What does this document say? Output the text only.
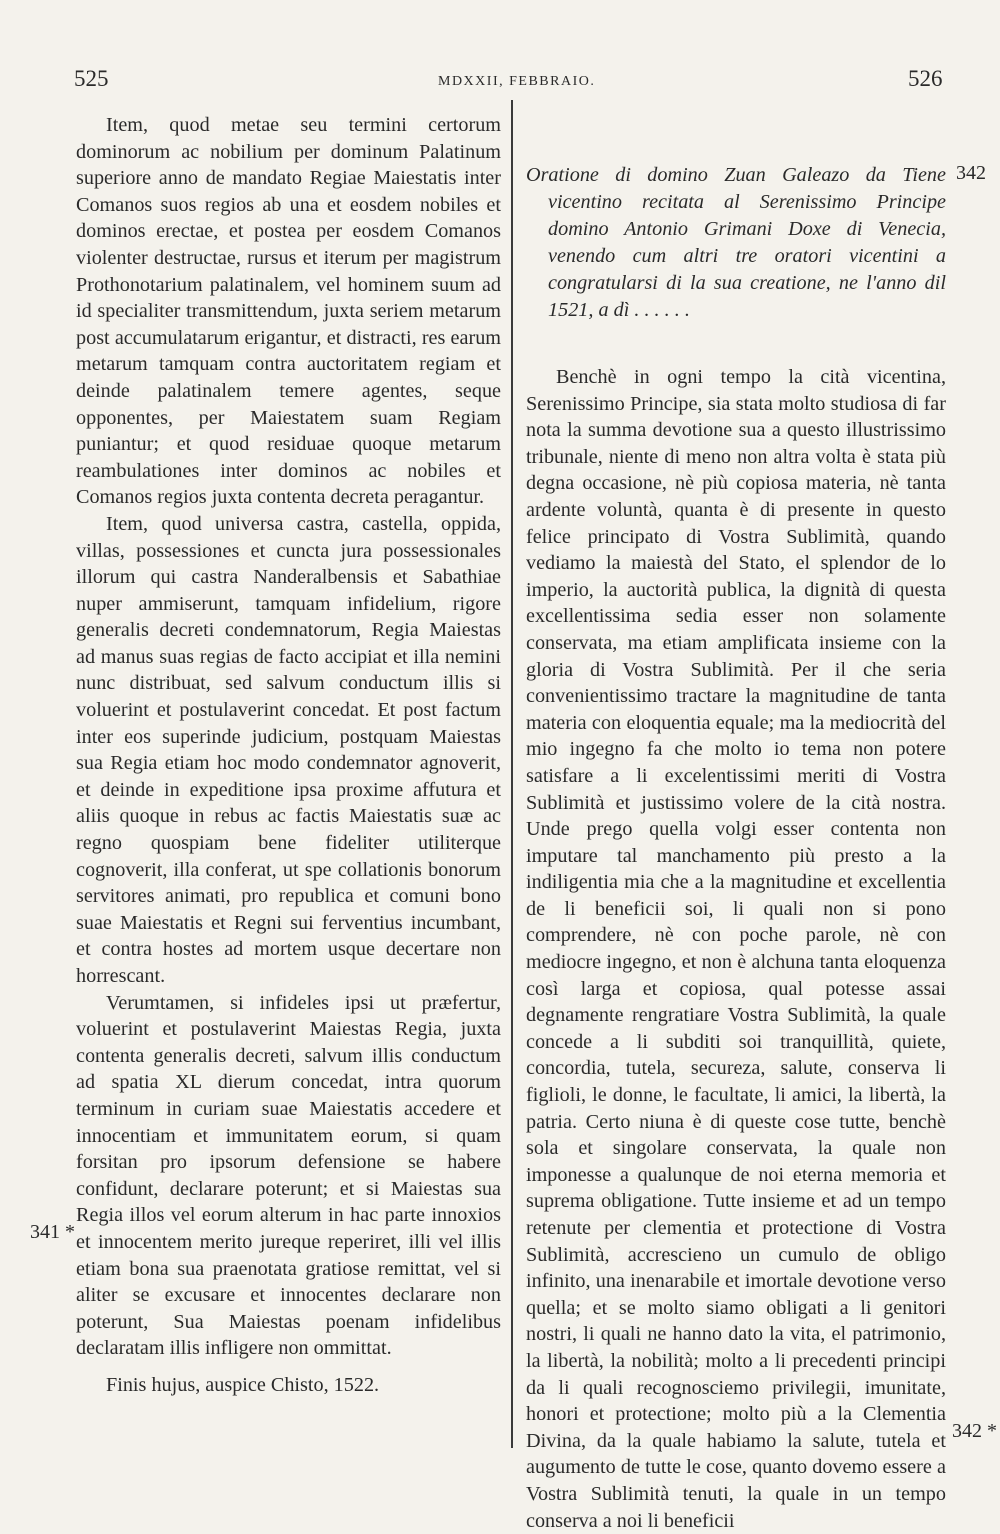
525	MDXXII, FEBBRAIO.	526

Item, quod metae seu termini certorum dominorum ac nobilium per dominum Palatinum superiore anno de mandato Regiae Maiestatis inter Comanos suos regios ab una et eosdem nobiles et dominos erectae, et postea per eosdem Comanos violenter destructae, rursus et iterum per magistrum Prothonotarium palatinalem, vel hominem suum ad id specialiter transmittendum, juxta seriem metarum post accumulatarum erigantur, et distracti, res earum metarum tamquam contra auctoritatem regiam et deinde palatinalem temere agentes, seque opponentes, per Maiestatem suam Regiam puniantur; et quod residuae quoque metarum reambulationes inter dominos ac nobiles et Comanos regios juxta contenta decreta peragantur.

Item, quod universa castra, castella, oppida, villas, possessiones et cuncta jura possessionales illorum qui castra Nanderalbensis et Sabathiae nuper ammiserunt, tamquam infidelium, rigore generalis decreti condemnatorum, Regia Maiestas ad manus suas regias de facto accipiat et illa nemini nunc distribuat, sed salvum conductum illis si voluerint et postulaverint concedat. Et post factum inter eos superinde judicium, postquam Maiestas sua Regia etiam hoc modo condemnator agnoverit, et deinde in expeditione ipsa proxime affutura et aliis quoque in rebus ac factis Maiestatis suæ ac regno quospiam bene fideliter utiliterque cognoverit, illa conferat, ut spe collationis bonorum servitores animati, pro republica et comuni bono suae Maiestatis et Regni sui ferventius incumbant, et contra hostes ad mortem usque decertare non horrescant.

Verumtamen, si infideles ipsi ut præfertur, voluerint et postulaverint Maiestas Regia, juxta contenta generalis decreti, salvum illis conductum ad spatia XL dierum concedat, intra quorum terminum in curiam suae Maiestatis accedere et innocentiam et immunitatem eorum, si quam forsitan pro ipsorum defensione se habere confidunt, declarare poterunt; et si Maiestas sua Regia illos vel eorum alterum in hac parte innoxios et innocentem merito jureque reperiret, illi vel illis etiam bona sua praenotata gratiose remittat, vel si aliter se excusare et innocentes declarare non poterunt, Sua Maiestas poenam infidelibus declaratam illis infligere non ommittat.

Finis hujus, auspice Chisto, 1522.

Oratione di domino Zuan Galeazo da Tiene vicentino recitata al Serenissimo Principe domino Antonio Grimani Doxe di Venecia, venendo cum altri tre oratori vicentini a congratularsi di la sua creatione, ne l'anno dil 1521, a dì . . . . . .

Benchè in ogni tempo la cità vicentina, Serenissimo Principe, sia stata molto studiosa di far nota la summa devotione sua a questo illustrissimo tribunale, niente di meno non altra volta è stata più degna occasione, nè più copiosa materia, nè tanta ardente voluntà, quanta è di presente in questo felice principato di Vostra Sublimità, quando vediamo la maiestà del Stato, el splendor de lo imperio, la auctorità publica, la dignità di questa excellentissima sedia esser non solamente conservata, ma etiam amplificata insieme con la gloria di Vostra Sublimità. Per il che seria convenientissimo tractare la magnitudine de tanta materia con eloquentia equale; ma la mediocrità del mio ingegno fa che molto io tema non potere satisfare a li excelentissimi meriti di Vostra Sublimità et justissimo volere de la cità nostra. Unde prego quella volgi esser contenta non imputare tal manchamento più presto a la indiligentia mia che a la magnitudine et excellentia de li beneficii soi, li quali non si pono comprendere, nè con poche parole, nè con mediocre ingegno, et non è alchuna tanta eloquenza così larga et copiosa, qual potesse assai degnamente rengratiare Vostra Sublimità, la quale concede a li subditi soi tranquillità, quiete, concordia, tutela, secureza, salute, conserva li figlioli, le donne, le facultate, li amici, la libertà, la patria. Certo niuna è di queste cose tutte, benchè sola et singolare conservata, la quale non imponesse a qualunque de noi eterna memoria et suprema obligatione. Tutte insieme et ad un tempo retenute per clementia et protectione di Vostra Sublimità, accrescieno un cumulo de obligo infinito, una inenarabile et imortale devotione verso quella; et se molto siamo obligati a li genitori nostri, li quali ne hanno dato la vita, el patrimonio, la libertà, la nobilità; molto a li precedenti principi da li quali recognosciemo privilegii, imunitate, honori et protectione; molto più a la Clementia Divina, da la quale habiamo la salute, tutela et augumento de tutte le cose, quanto dovemo essere a Vostra Sublimità tenuti, la quale in un tempo conserva a noi li beneficii

341 *
342
342 *
